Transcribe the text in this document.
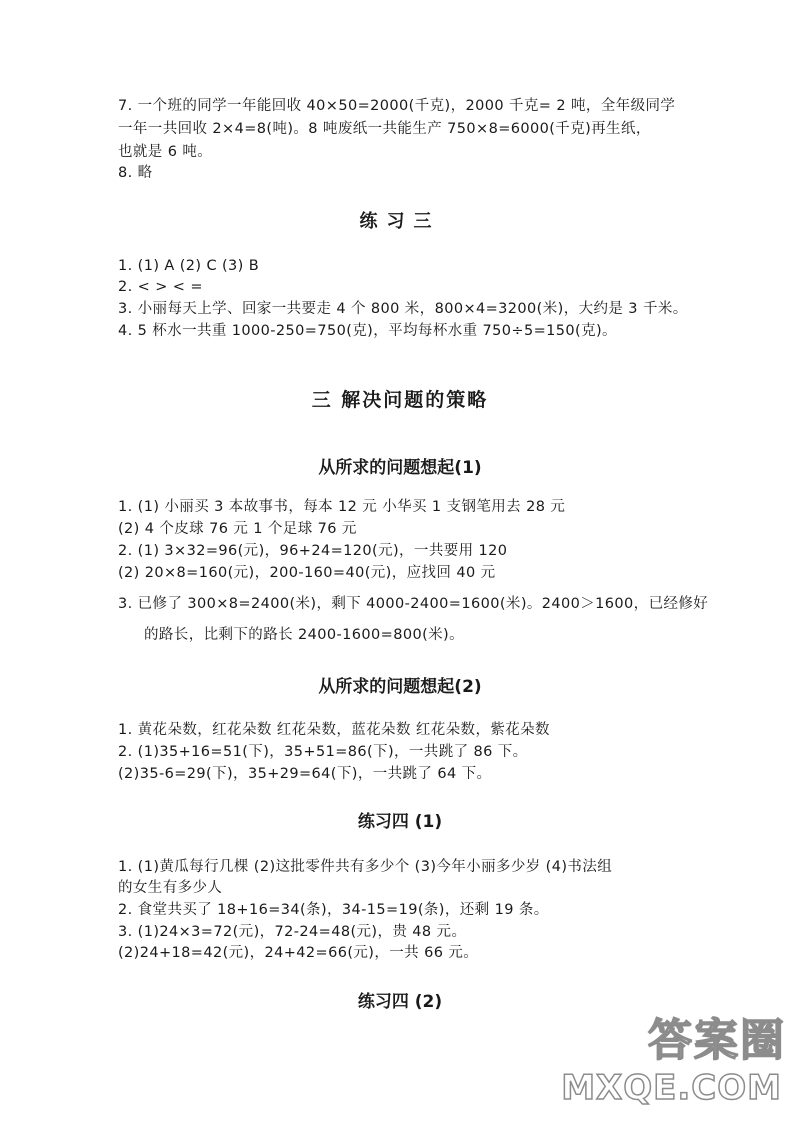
7. 一个班的同学一年能回收 40×50=2000(千克)，2000 千克= 2 吨，全年级同学
一年一共回收 2×4=8(吨)。8 吨废纸一共能生产 750×8=6000(千克)再生纸，
也就是 6 吨。
8. 略
练习三
1. (1) A (2) C (3) B
2. < > < =
3. 小丽每天上学、回家一共要走 4 个 800 米，800×4=3200(米)，大约是 3 千米。
4. 5 杯水一共重 1000-250=750(克)，平均每杯水重 750÷5=150(克)。
三 解决问题的策略
从所求的问题想起(1)
1. (1) 小丽买 3 本故事书，每本 12 元 小华买 1 支钢笔用去 28 元
(2) 4 个皮球 76 元 1 个足球 76 元
2. (1) 3×32=96(元)，96+24=120(元)，一共要用 120
(2) 20×8=160(元)，200-160=40(元)，应找回 40 元
3. 已修了 300×8=2400(米)，剩下 4000-2400=1600(米)。2400＞1600，已经修好
的路长，比剩下的路长 2400-1600=800(米)。
从所求的问题想起(2)
1. 黄花朵数，红花朵数 红花朵数，蓝花朵数 红花朵数，紫花朵数
2. (1)35+16=51(下)，35+51=86(下)，一共跳了 86 下。
(2)35-6=29(下)，35+29=64(下)，一共跳了 64 下。
练习四 (1)
1. (1)黄瓜每行几棵 (2)这批零件共有多少个 (3)今年小丽多少岁 (4)书法组
的女生有多少人
2. 食堂共买了 18+16=34(条)，34-15=19(条)，还剩 19 条。
3. (1)24×3=72(元)，72-24=48(元)，贵 48 元。
(2)24+18=42(元)，24+42=66(元)，一共 66 元。
练习四 (2)
答案圈
MXQE.COM
